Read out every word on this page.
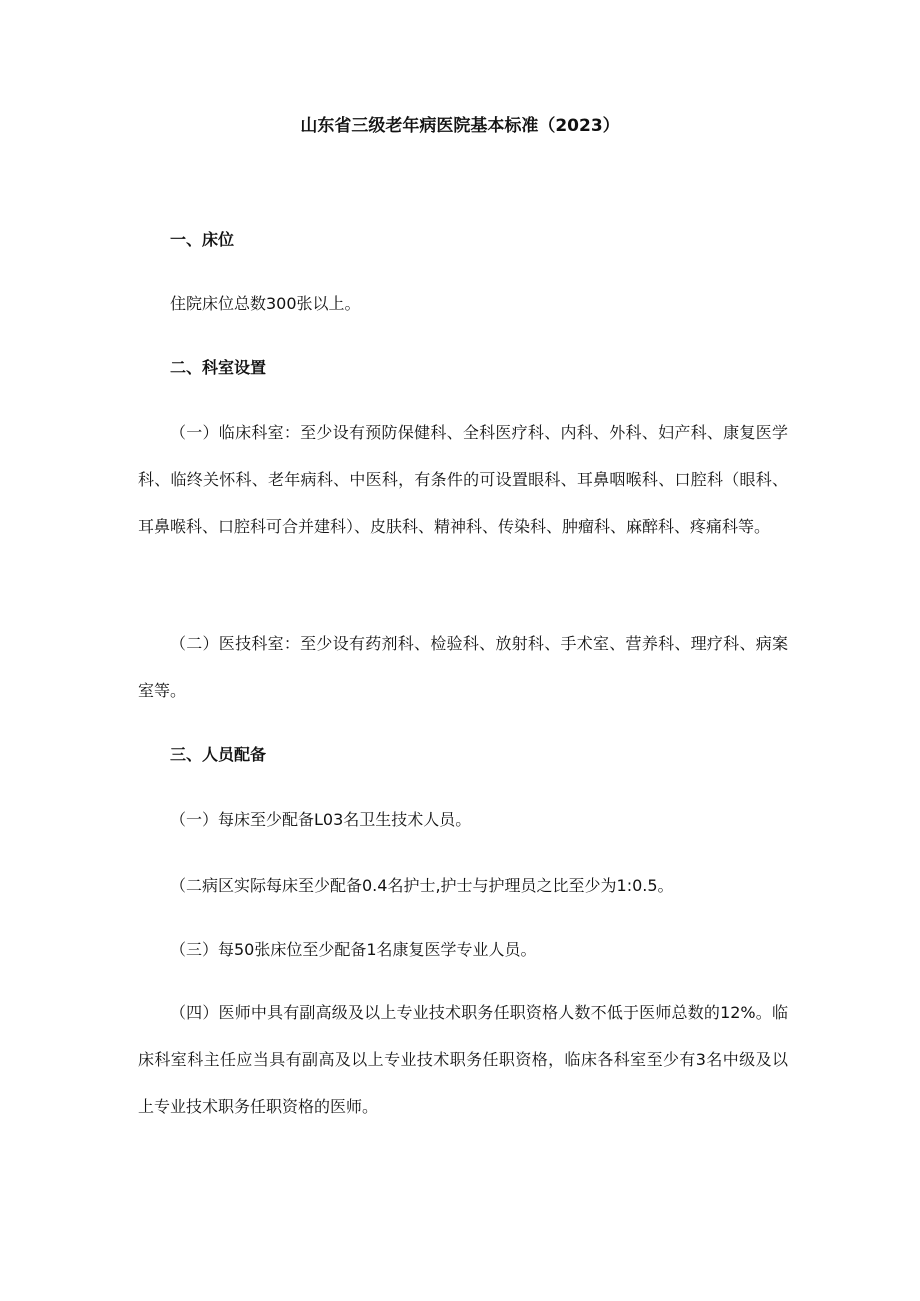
山东省三级老年病医院基本标准（2023）
一、床位

住院床位总数300张以上。

二、科室设置

（一）临床科室：至少设有预防保健科、全科医疗科、内科、外科、妇产科、康复医学科、临终关怀科、老年病科、中医科，有条件的可设置眼科、耳鼻咽喉科、口腔科（眼科、耳鼻喉科、口腔科可合并建科）、皮肤科、精神科、传染科、肿瘤科、麻醉科、疼痛科等。

（二）医技科室：至少设有药剂科、检验科、放射科、手术室、营养科、理疗科、病案室等。

三、人员配备

（一）每床至少配备L03名卫生技术人员。

（二病区实际每床至少配备0.4名护士,护士与护理员之比至少为1:0.5。

（三）每50张床位至少配备1名康复医学专业人员。

（四）医师中具有副高级及以上专业技术职务任职资格人数不低于医师总数的12%。临床科室科主任应当具有副高及以上专业技术职务任职资格，临床各科室至少有3名中级及以上专业技术职务任职资格的医师。
